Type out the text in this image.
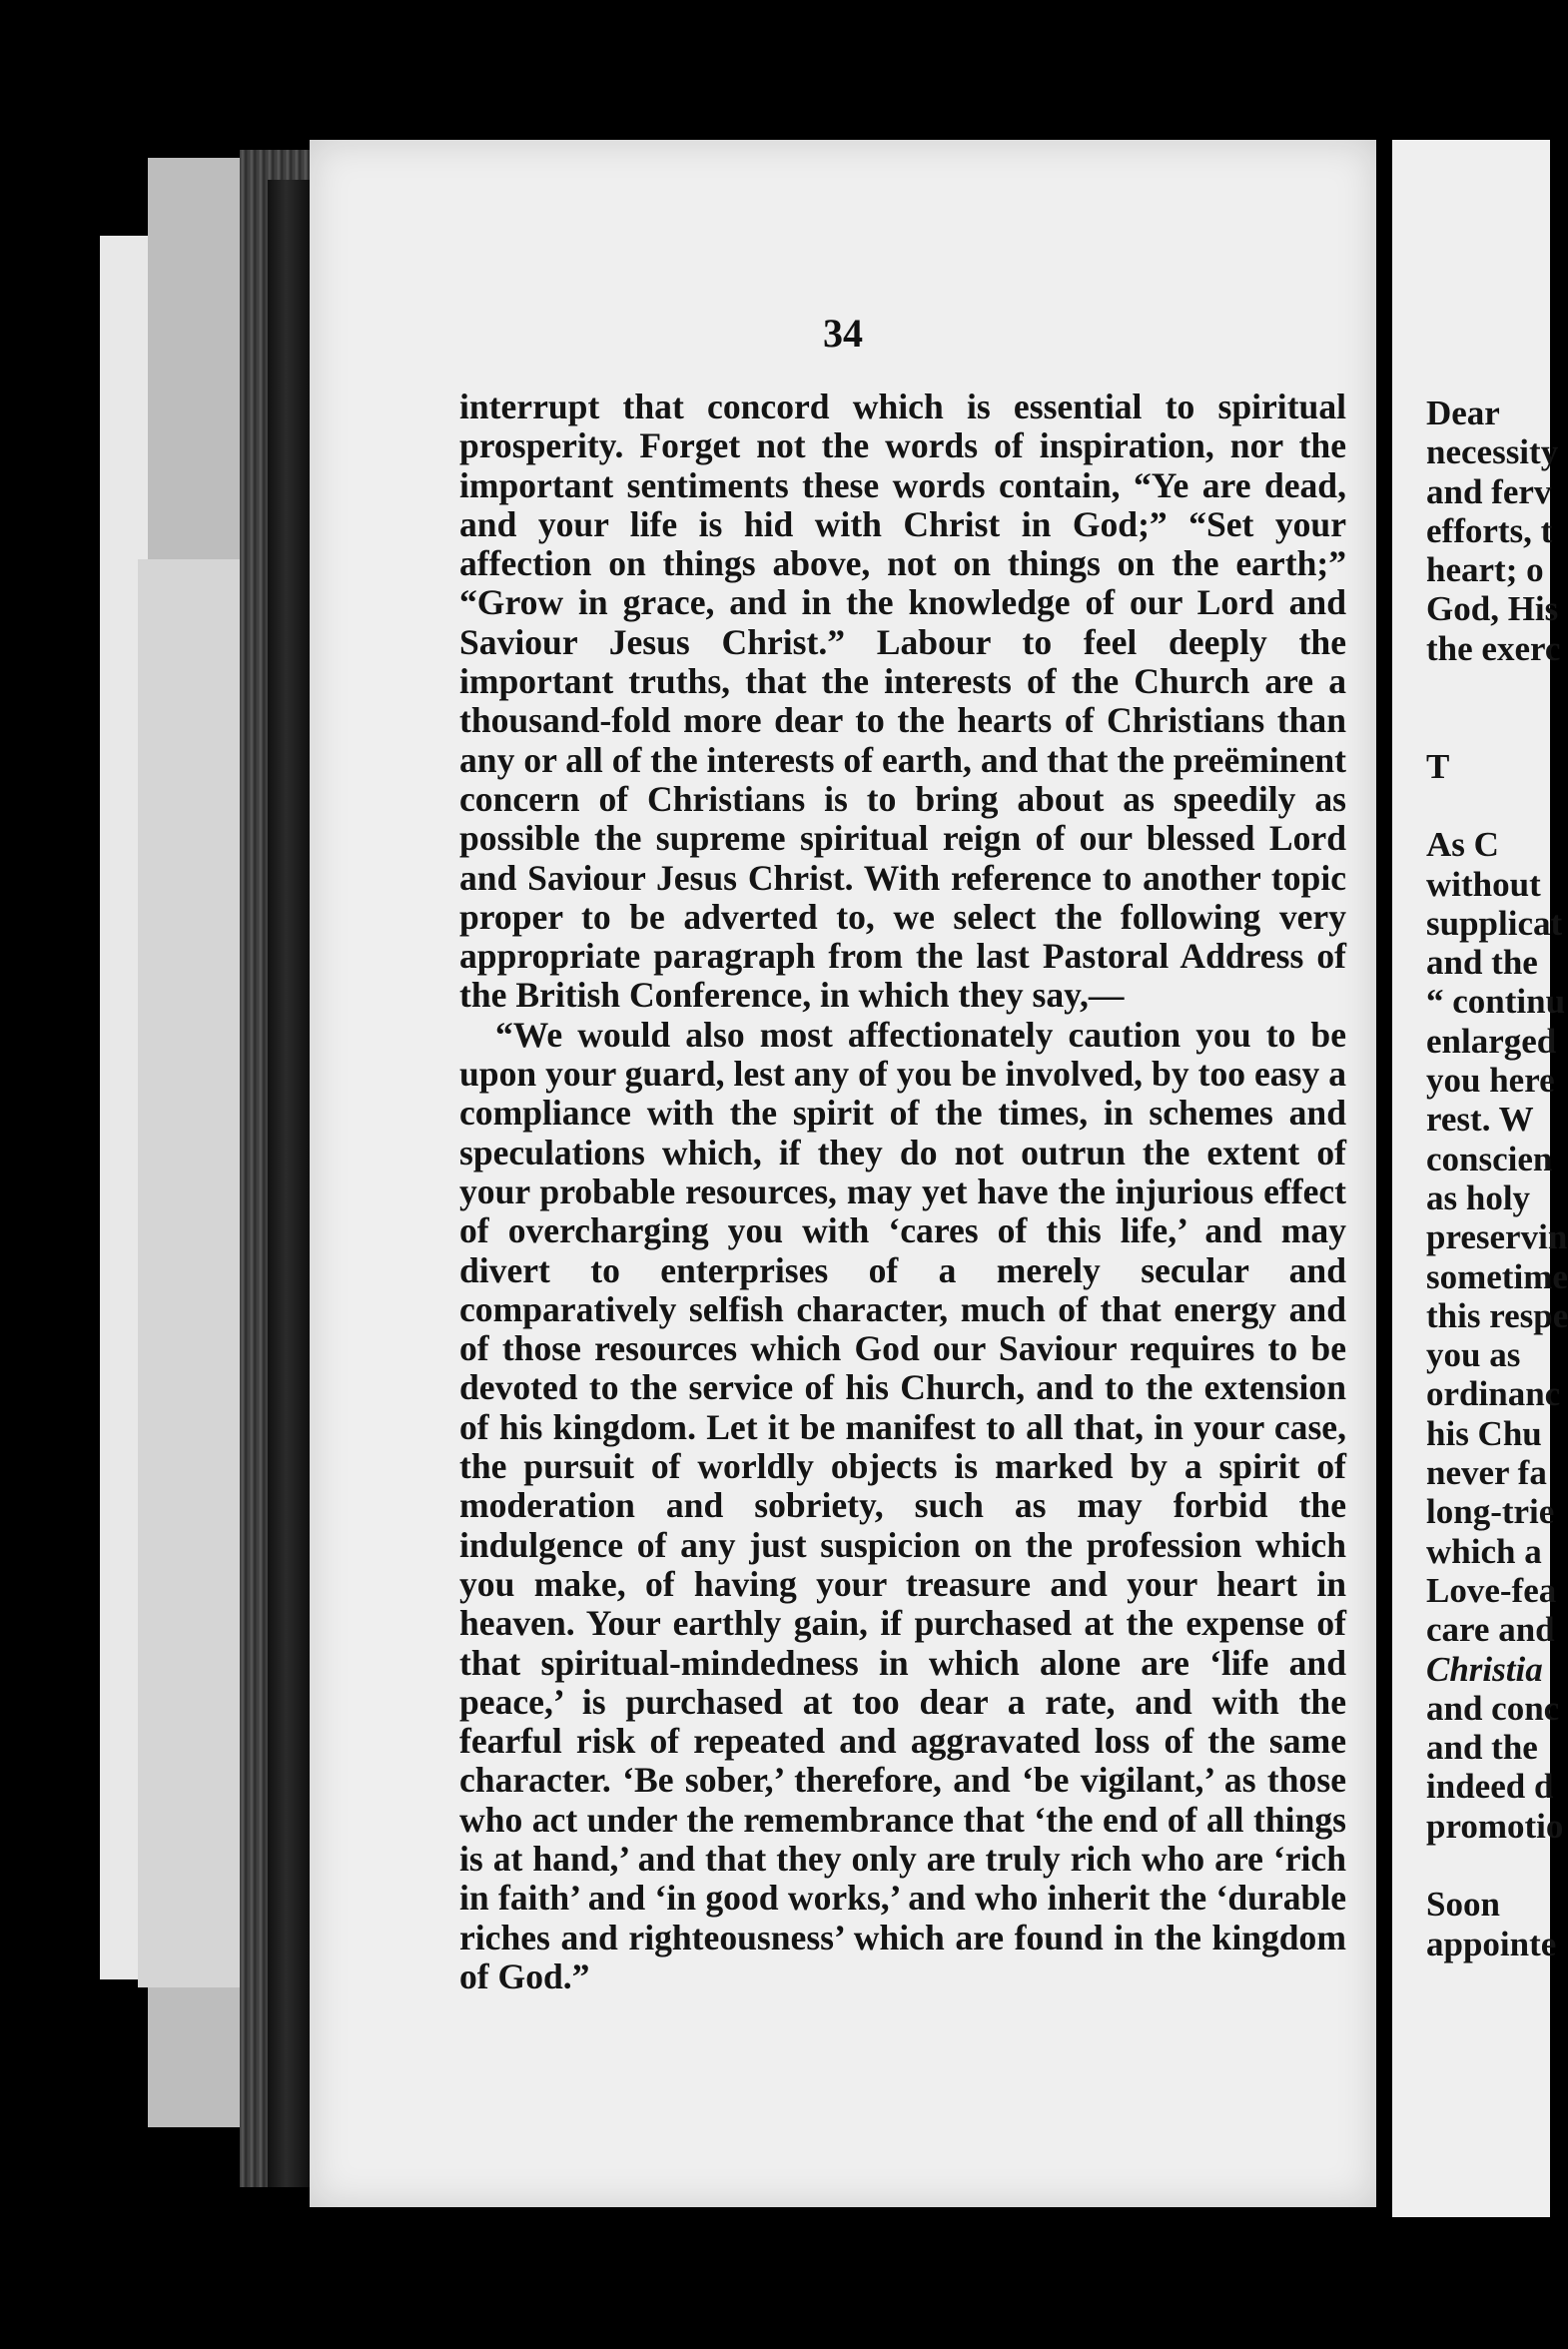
34

interrupt that concord which is essential to spiritual prosperity. Forget not the words of inspiration, nor the important sentiments these words contain, “Ye are dead, and your life is hid with Christ in God;” “Set your affection on things above, not on things on the earth;” “Grow in grace, and in the knowledge of our Lord and Saviour Jesus Christ.” Labour to feel deeply the important truths, that the interests of the Church are a thousand-fold more dear to the hearts of Christians than any or all of the interests of earth, and that the preëminent concern of Christians is to bring about as speedily as possible the supreme spiritual reign of our blessed Lord and Saviour Jesus Christ. With reference to another topic proper to be adverted to, we select the following very appropriate paragraph from the last Pastoral Address of the British Conference, in which they say,—

“We would also most affectionately caution you to be upon your guard, lest any of you be involved, by too easy a compliance with the spirit of the times, in schemes and speculations which, if they do not outrun the extent of your probable resources, may yet have the injurious effect of overcharging you with ‘cares of this life,’ and may divert to enterprises of a merely secular and comparatively selfish character, much of that energy and of those resources which God our Saviour requires to be devoted to the service of his Church, and to the extension of his kingdom. Let it be manifest to all that, in your case, the pursuit of worldly objects is marked by a spirit of moderation and sobriety, such as may forbid the indulgence of any just suspicion on the profession which you make, of having your treasure and your heart in heaven. Your earthly gain, if purchased at the expense of that spiritual-mindedness in which alone are ‘life and peace,’ is purchased at too dear a rate, and with the fearful risk of repeated and aggravated loss of the same character. ‘Be sober,’ therefore, and ‘be vigilant,’ as those who act under the remembrance that ‘the end of all things is at hand,’ and that they only are truly rich who are ‘rich in faith’ and ‘in good works,’ and who inherit the ‘durable riches and righteousness’ which are found in the kingdom of God.”

Dear
necessity
and ferv
efforts, t
heart; o
God, His
the exerc
T
As C
without
supplicat
and the
“ continu
enlarged
you here
rest. W
conscien
as holy
preservin
sometime
this respe
you as
ordinanc
his Chu
never fa
long-trie
which a
Love-fea
care and
Christia
and conc
and the
indeed d
promotio
Soon
appointe
